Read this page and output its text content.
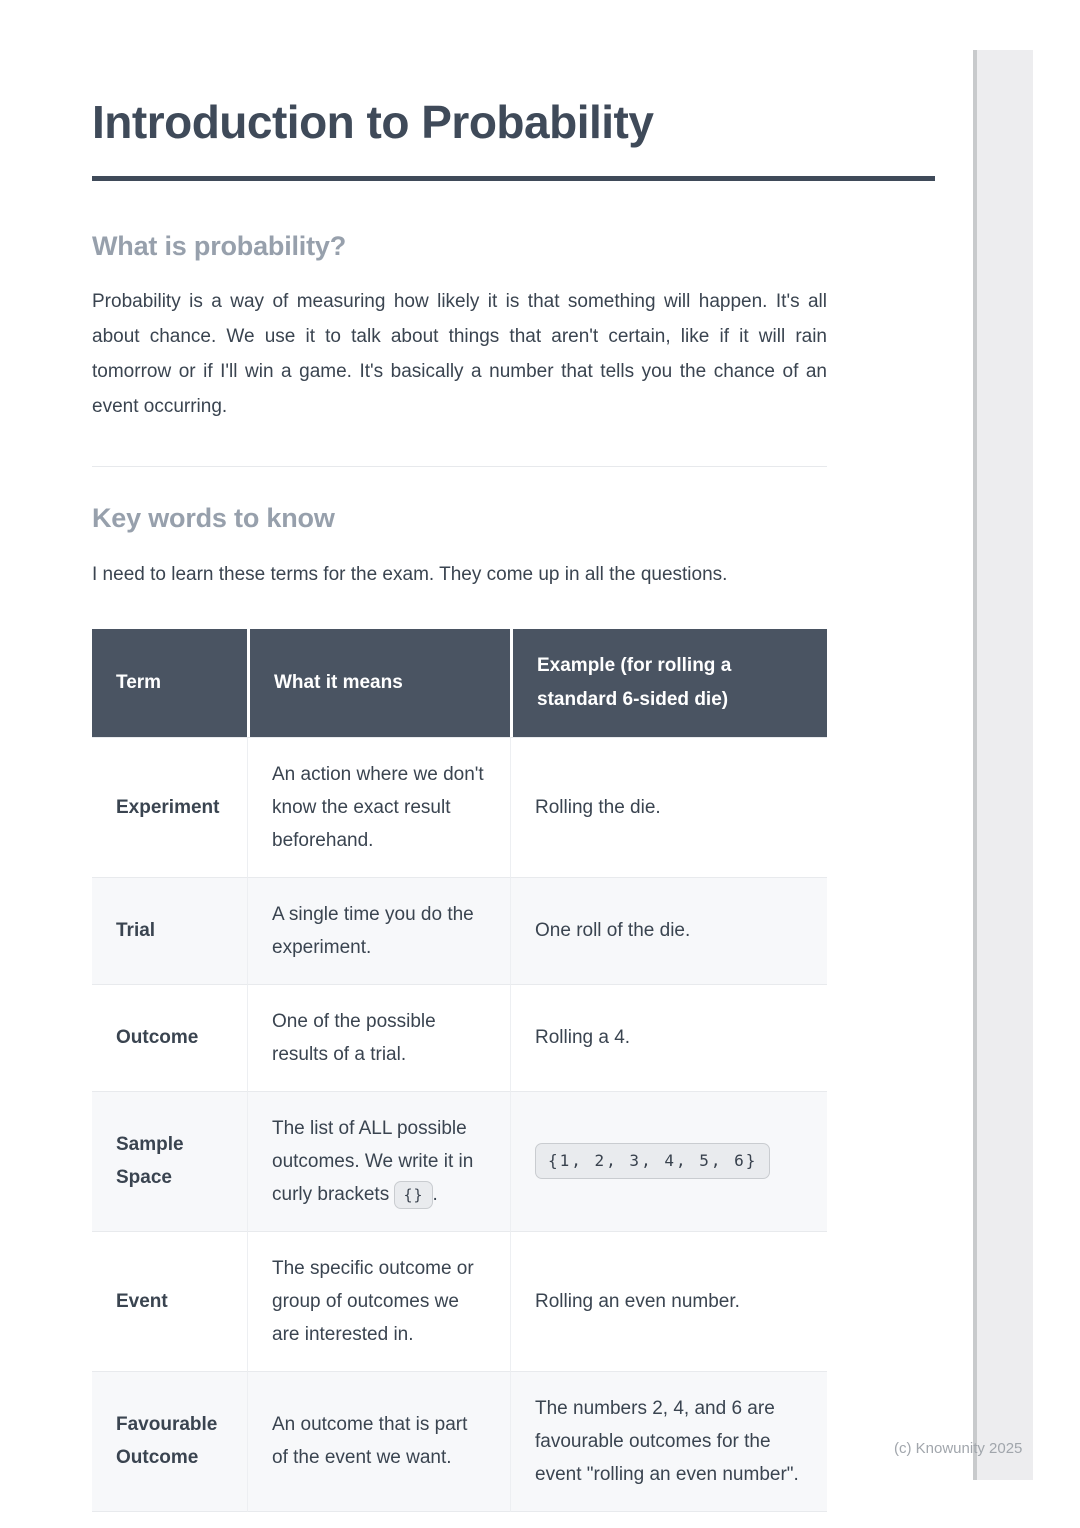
Introduction to Probability
What is probability?

Probability is a way of measuring how likely it is that something will happen. It's all about chance. We use it to talk about things that aren't certain, like if it will rain tomorrow or if I'll win a game. It's basically a number that tells you the chance of an event occurring.

Key words to know

I need to learn these terms for the exam. They come up in all the questions.

Term	What it means	Example (for rolling a standard 6-sided die)
Experiment	An action where we don't know the exact result beforehand.	Rolling the die.
Trial	A single time you do the experiment.	One roll of the die.
Outcome	One of the possible results of a trial.	Rolling a 4.
Sample Space	The list of ALL possible outcomes. We write it in curly brackets {} .	{1, 2, 3, 4, 5, 6}
Event	The specific outcome or group of outcomes we are interested in.	Rolling an even number.
Favourable Outcome	An outcome that is part of the event we want.	The numbers 2, 4, and 6 are favourable outcomes for the event "rolling an even number".
(c) Knowunity 2025
